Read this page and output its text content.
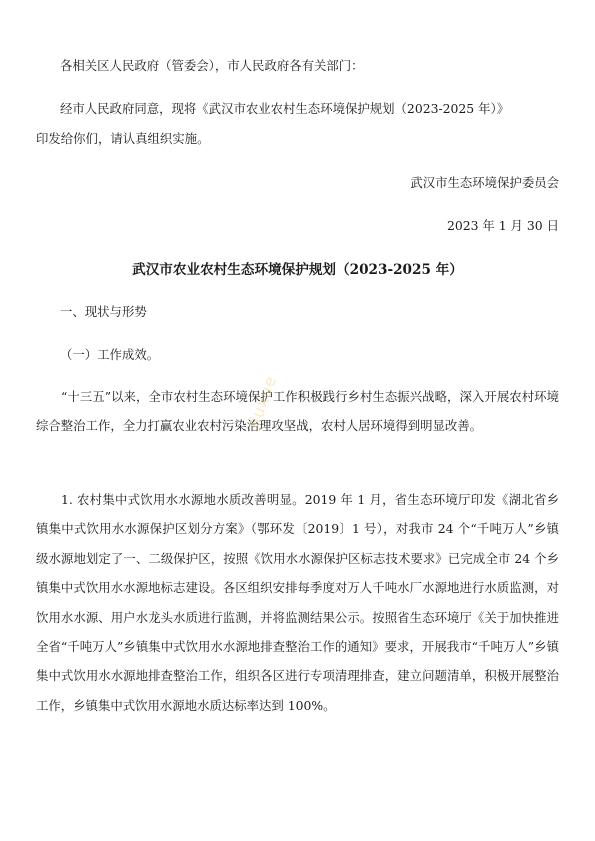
各相关区人民政府（管委会），市人民政府各有关部门：
经市人民政府同意，现将《武汉市农业农村生态环境保护规划（2023-2025 年）》
印发给你们，请认真组织实施。
武汉市生态环境保护委员会
2023 年 1 月 30 日
武汉市农业农村生态环境保护规划（2023-2025 年）
一、现状与形势
（一）工作成效。
“十三五”以来，全市农村生态环境保护工作积极践行乡村生态振兴战略，深入开展农村环境综合整治工作，全力打赢农业农村污染治理攻坚战，农村人居环境得到明显改善。
1. 农村集中式饮用水水源地水质改善明显。2019 年 1 月，省生态环境厅印发《湖北省乡镇集中式饮用水水源保护区划分方案》（鄂环发〔2019〕1 号），对我市 24 个“千吨万人”乡镇级水源地划定了一、二级保护区，按照《饮用水水源保护区标志技术要求》已完成全市 24 个乡镇集中式饮用水水源地标志建设。各区组织安排每季度对万人千吨水厂水源地进行水质监测，对饮用水水源、用户水龙头水质进行监测，并将监测结果公示。按照省生态环境厅《关于加快推进全省“千吨万人”乡镇集中式饮用水水源地排查整治工作的通知》要求，开展我市“千吨万人”乡镇集中式饮用水水源地排查整治工作，组织各区进行专项清理排查，建立问题清单，积极开展整治工作，乡镇集中式饮用水源地水质达标率达到 100%。
jiuxue
